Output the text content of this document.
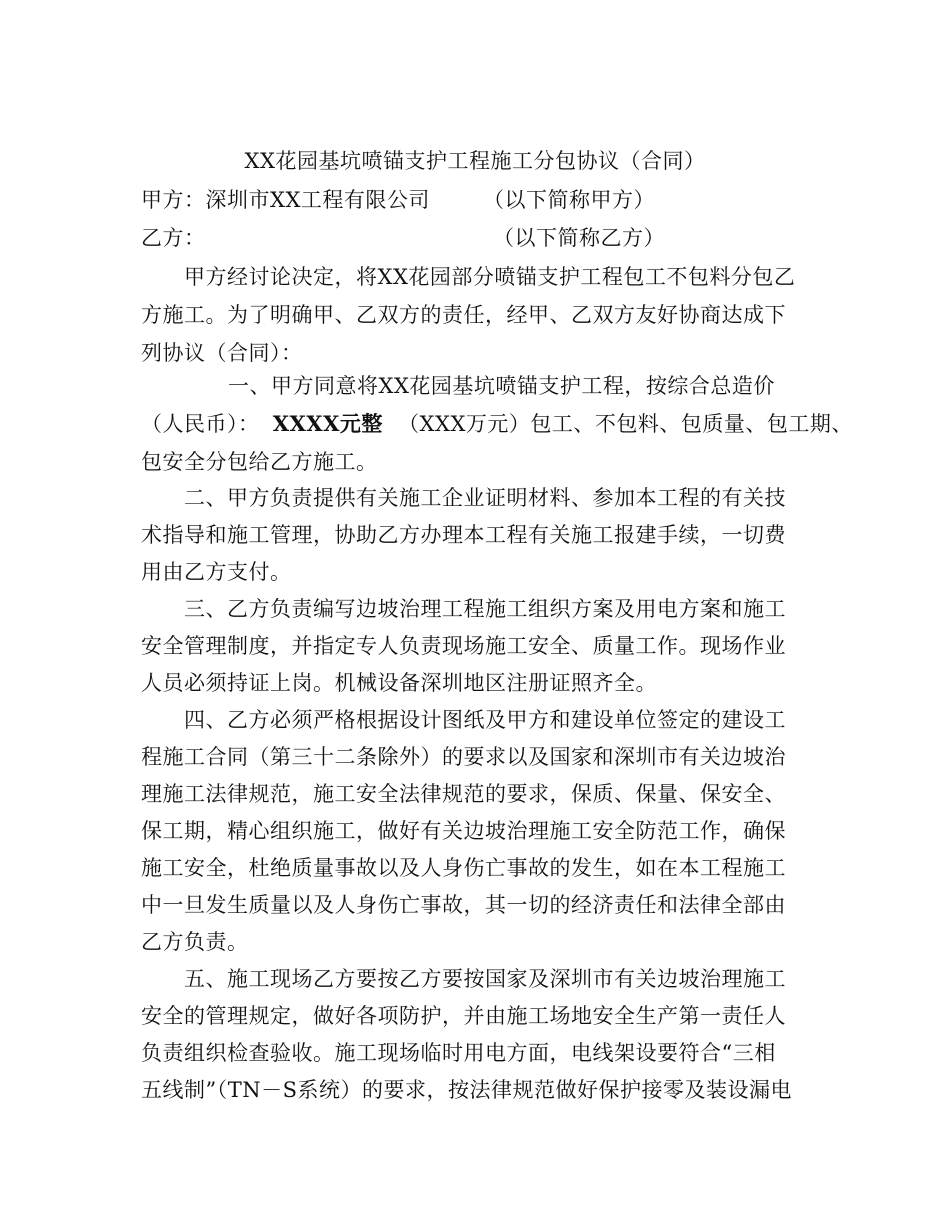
XX花园基坑喷锚支护工程施工分包协议（合同）
甲方：深圳市XX工程有限公司	（以下简称甲方）
乙方：	（以下简称乙方）
甲方经讨论决定，将XX花园部分喷锚支护工程包工不包料分包乙
方施工。为了明确甲、乙双方的责任，经甲、乙双方友好协商达成下
列协议（合同）：
一、甲方同意将XX花园基坑喷锚支护工程，按综合总造价
（人民币）： XXXX元整 （XXX万元）包工、不包料、包质量、包工期、
包安全分包给乙方施工。
二、甲方负责提供有关施工企业证明材料、参加本工程的有关技
术指导和施工管理，协助乙方办理本工程有关施工报建手续，一切费
用由乙方支付。
三、乙方负责编写边坡治理工程施工组织方案及用电方案和施工
安全管理制度，并指定专人负责现场施工安全、质量工作。现场作业
人员必须持证上岗。机械设备深圳地区注册证照齐全。
四、乙方必须严格根据设计图纸及甲方和建设单位签定的建设工
程施工合同（第三十二条除外）的要求以及国家和深圳市有关边坡治
理施工法律规范，施工安全法律规范的要求，保质、保量、保安全、
保工期，精心组织施工，做好有关边坡治理施工安全防范工作，确保
施工安全，杜绝质量事故以及人身伤亡事故的发生，如在本工程施工
中一旦发生质量以及人身伤亡事故，其一切的经济责任和法律全部由
乙方负责。
五、施工现场乙方要按乙方要按国家及深圳市有关边坡治理施工
安全的管理规定，做好各项防护，并由施工场地安全生产第一责任人
负责组织检查验收。施工现场临时用电方面，电线架设要符合“三相
五线制”（TN－S系统）的要求，按法律规范做好保护接零及装设漏电
